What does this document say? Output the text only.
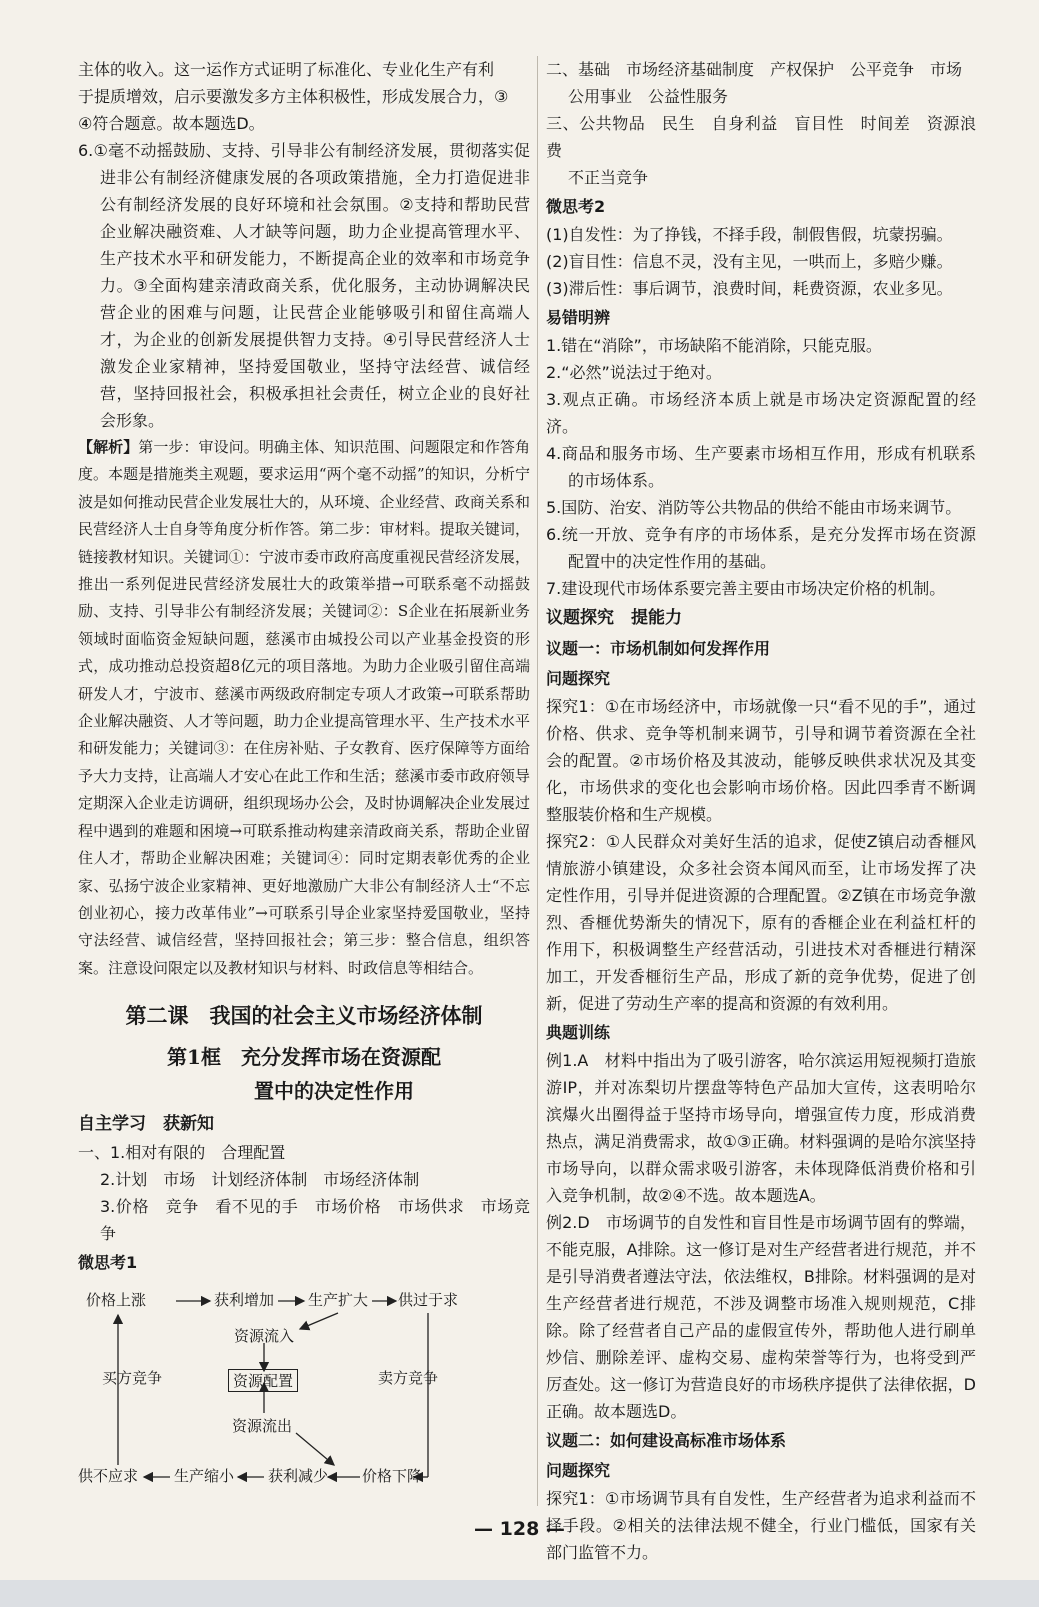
主体的收入。这一运作方式证明了标准化、专业化生产有利

于提质增效，启示要激发多方主体积极性，形成发展合力，③

④符合题意。故本题选D。

6.①毫不动摇鼓励、支持、引导非公有制经济发展，贯彻落实促进非公有制经济健康发展的各项政策措施，全力打造促进非公有制经济发展的良好环境和社会氛围。②支持和帮助民营企业解决融资难、人才缺等问题，助力企业提高管理水平、生产技术水平和研发能力，不断提高企业的效率和市场竞争力。③全面构建亲清政商关系，优化服务，主动协调解决民营企业的困难与问题，让民营企业能够吸引和留住高端人才，为企业的创新发展提供智力支持。④引导民营经济人士激发企业家精神，坚持爱国敬业，坚持守法经营、诚信经营，坚持回报社会，积极承担社会责任，树立企业的良好社会形象。

【解析】第一步：审设问。明确主体、知识范围、问题限定和作答角度。本题是措施类主观题，要求运用“两个毫不动摇”的知识，分析宁波是如何推动民营企业发展壮大的，从环境、企业经营、政商关系和民营经济人士自身等角度分析作答。第二步：审材料。提取关键词，链接教材知识。关键词①：宁波市委市政府高度重视民营经济发展，推出一系列促进民营经济发展壮大的政策举措→可联系毫不动摇鼓励、支持、引导非公有制经济发展；关键词②：S企业在拓展新业务领域时面临资金短缺问题，慈溪市由城投公司以产业基金投资的形式，成功推动总投资超8亿元的项目落地。为助力企业吸引留住高端研发人才，宁波市、慈溪市两级政府制定专项人才政策→可联系帮助企业解决融资、人才等问题，助力企业提高管理水平、生产技术水平和研发能力；关键词③：在住房补贴、子女教育、医疗保障等方面给予大力支持，让高端人才安心在此工作和生活；慈溪市委市政府领导定期深入企业走访调研，组织现场办公会，及时协调解决企业发展过程中遇到的难题和困境→可联系推动构建亲清政商关系，帮助企业留住人才，帮助企业解决困难；关键词④：同时定期表彰优秀的企业家、弘扬宁波企业家精神、更好地激励广大非公有制经济人士“不忘创业初心，接力改革伟业”→可联系引导企业家坚持爱国敬业，坚持守法经营、诚信经营，坚持回报社会；第三步：整合信息，组织答案。注意设问限定以及教材知识与材料、时政信息等相结合。

第二课　我国的社会主义市场经济体制
第1框　充分发挥市场在资源配
置中的决定性作用

自主学习　获新知

一、1.相对有限的　合理配置

2.计划　市场　计划经济体制　市场经济体制

3.价格　竞争　看不见的手　市场价格　市场供求　市场竞争

微思考1

价格上涨	获利增加 生产扩大 供过于求
资源流入
买方竞争	资源配置	卖方竞争
资源流出
供不应求 生产缩小 获利减少 价格下降

二、基础　市场经济基础制度　产权保护　公平竞争　市场

公用事业　公益性服务

三、公共物品　民生　自身利益　盲目性　时间差　资源浪费

不正当竞争

微思考2

(1)自发性：为了挣钱，不择手段，制假售假，坑蒙拐骗。

(2)盲目性：信息不灵，没有主见，一哄而上，多赔少赚。

(3)滞后性：事后调节，浪费时间，耗费资源，农业多见。

易错明辨

1.错在“消除”，市场缺陷不能消除，只能克服。

2.“必然”说法过于绝对。

3.观点正确。市场经济本质上就是市场决定资源配置的经济。

4.商品和服务市场、生产要素市场相互作用，形成有机联系的市场体系。

5.国防、治安、消防等公共物品的供给不能由市场来调节。

6.统一开放、竞争有序的市场体系，是充分发挥市场在资源配置中的决定性作用的基础。

7.建设现代市场体系要完善主要由市场决定价格的机制。

议题探究　提能力

议题一：市场机制如何发挥作用

问题探究

探究1：①在市场经济中，市场就像一只“看不见的手”，通过价格、供求、竞争等机制来调节，引导和调节着资源在全社会的配置。②市场价格及其波动，能够反映供求状况及其变化，市场供求的变化也会影响市场价格。因此四季青不断调整服装价格和生产规模。

探究2：①人民群众对美好生活的追求，促使Z镇启动香榧风情旅游小镇建设，众多社会资本闻风而至，让市场发挥了决定性作用，引导并促进资源的合理配置。②Z镇在市场竞争激烈、香榧优势渐失的情况下，原有的香榧企业在利益杠杆的作用下，积极调整生产经营活动，引进技术对香榧进行精深加工，开发香榧衍生产品，形成了新的竞争优势，促进了创新，促进了劳动生产率的提高和资源的有效利用。

典题训练

例1.A　材料中指出为了吸引游客，哈尔滨运用短视频打造旅游IP，并对冻梨切片摆盘等特色产品加大宣传，这表明哈尔滨爆火出圈得益于坚持市场导向，增强宣传力度，形成消费热点，满足消费需求，故①③正确。材料强调的是哈尔滨坚持市场导向，以群众需求吸引游客，未体现降低消费价格和引入竞争机制，故②④不选。故本题选A。

例2.D　市场调节的自发性和盲目性是市场调节固有的弊端，不能克服，A排除。这一修订是对生产经营者进行规范，并不是引导消费者遵法守法，依法维权，B排除。材料强调的是对生产经营者进行规范，不涉及调整市场准入规则规范，C排除。除了经营者自己产品的虚假宣传外，帮助他人进行刷单炒信、删除差评、虚构交易、虚构荣誉等行为，也将受到严厉查处。这一修订为营造良好的市场秩序提供了法律依据，D正确。故本题选D。

议题二：如何建设高标准市场体系

问题探究

探究1：①市场调节具有自发性，生产经营者为追求利益而不择手段。②相关的法律法规不健全，行业门槛低，国家有关部门监管不力。

— 128 —
